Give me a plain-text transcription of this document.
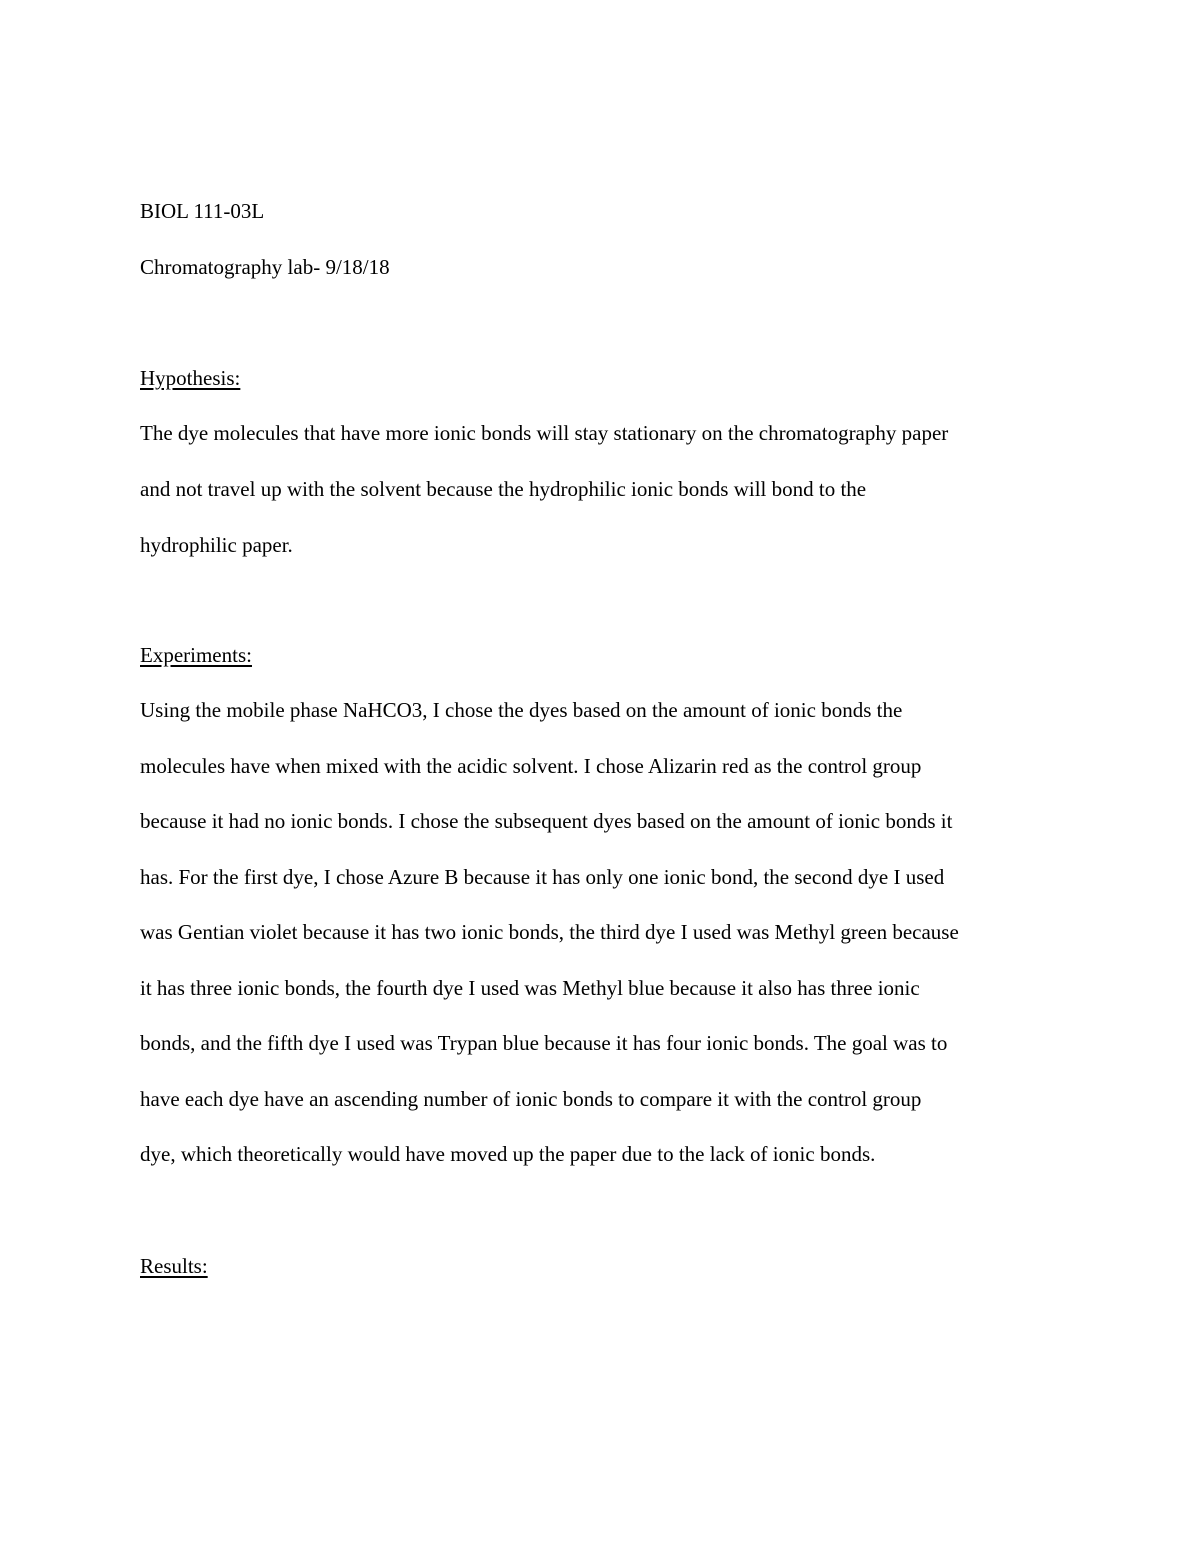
BIOL 111-03L

Chromatography lab- 9/18/18

Hypothesis:

The dye molecules that have more ionic bonds will stay stationary on the chromatography paper

and not travel up with the solvent because the hydrophilic ionic bonds will bond to the

hydrophilic paper.

Experiments:

Using the mobile phase NaHCO3, I chose the dyes based on the amount of ionic bonds the

molecules have when mixed with the acidic solvent. I chose Alizarin red as the control group

because it had no ionic bonds. I chose the subsequent dyes based on the amount of ionic bonds it

has. For the first dye, I chose Azure B because it has only one ionic bond, the second dye I used

was Gentian violet because it has two ionic bonds, the third dye I used was Methyl green because

it has three ionic bonds, the fourth dye I used was Methyl blue because it also has three ionic

bonds, and the fifth dye I used was Trypan blue because it has four ionic bonds. The goal was to

have each dye have an ascending number of ionic bonds to compare it with the control group

dye, which theoretically would have moved up the paper due to the lack of ionic bonds.

Results:
